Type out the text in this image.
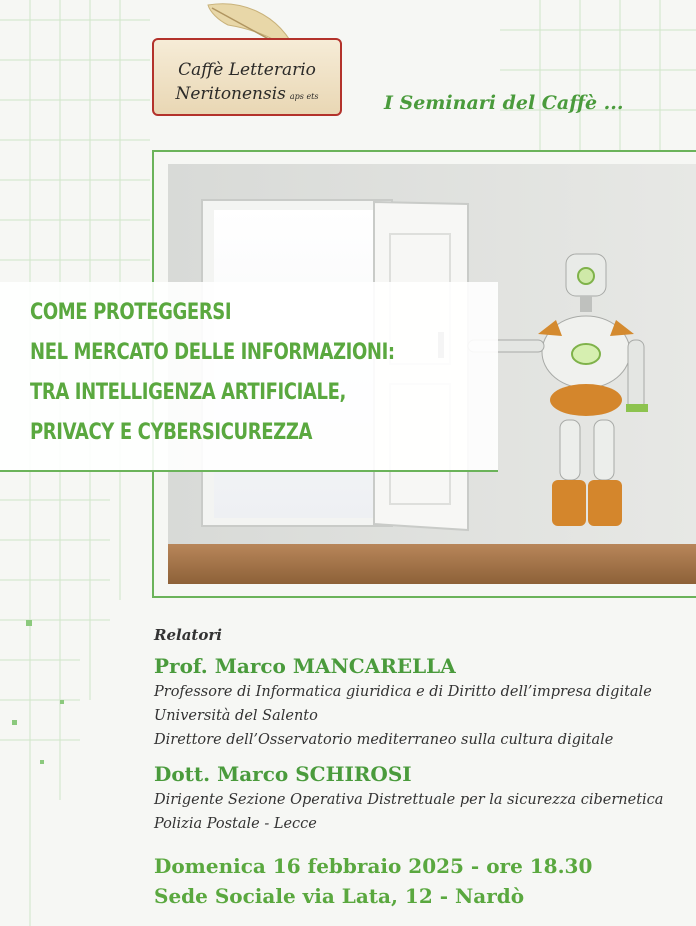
Caffè Letterario
Neritonensis aps ets	I Seminari del Caffè ...
COME PROTEGGERSI
NEL MERCATO DELLE INFORMAZIONI:
TRA INTELLIGENZA ARTIFICIALE,
PRIVACY E CYBERSICUREZZA
Relatori
Prof. Marco MANCARELLA
Professore di Informatica giuridica e di Diritto dell’impresa digitale
Università del Salento
Direttore dell’Osservatorio mediterraneo sulla cultura digitale
Dott. Marco SCHIROSI
Dirigente Sezione Operativa Distrettuale per la sicurezza cibernetica
Polizia Postale - Lecce
Domenica 16 febbraio 2025 - ore 18.30
Sede Sociale via Lata, 12 - Nardò
